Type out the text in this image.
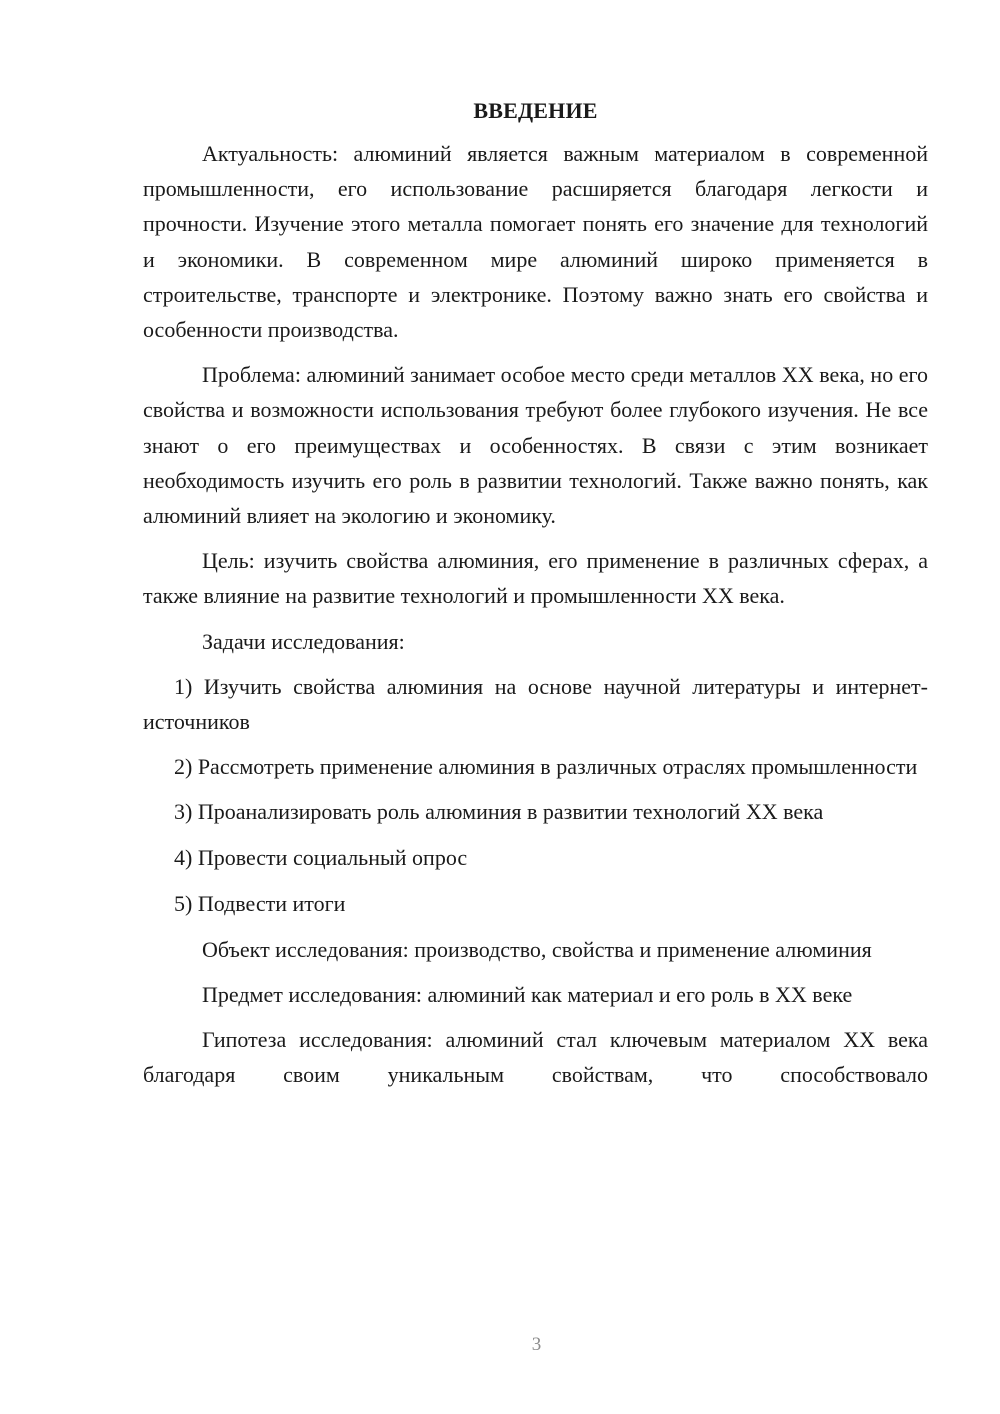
ВВЕДЕНИЕ

Актуальность: алюминий является важным материалом в современной промышленности, его использование расширяется благодаря легкости и прочности. Изучение этого металла помогает понять его значение для технологий и экономики. В современном мире алюминий широко применяется в строительстве, транспорте и электронике. Поэтому важно знать его свойства и особенности производства.

Проблема: алюминий занимает особое место среди металлов XX века, но его свойства и возможности использования требуют более глубокого изучения. Не все знают о его преимуществах и особенностях. В связи с этим возникает необходимость изучить его роль в развитии технологий. Также важно понять, как алюминий влияет на экологию и экономику.

Цель: изучить свойства алюминия, его применение в различных сферах, а также влияние на развитие технологий и промышленности XX века.

Задачи исследования:

1) Изучить свойства алюминия на основе научной литературы и интернет-источников

2) Рассмотреть применение алюминия в различных отраслях промышленности

3) Проанализировать роль алюминия в развитии технологий XX века

4) Провести социальный опрос

5) Подвести итоги

Объект исследования: производство, свойства и применение алюминия

Предмет исследования: алюминий как материал и его роль в XX веке

Гипотеза исследования: алюминий стал ключевым материалом XX века благодаря своим уникальным свойствам, что способствовало

3
